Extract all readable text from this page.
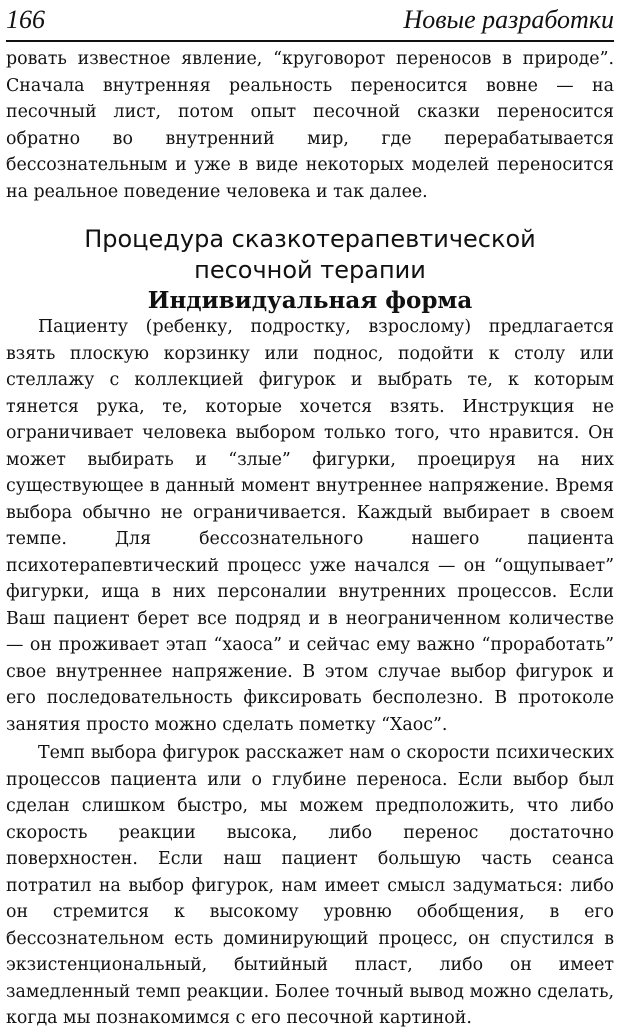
166	Новые разработки
ровать известное явление, “круговорот переносов в природе”. Сначала внутренняя реальность переносится вовне — на песочный лист, потом опыт песочной сказки переносится обратно во внутренний мир, где перерабатывается бессознательным и уже в виде некоторых моделей переносится на реальное поведение человека и так далее.
Процедура сказкотерапевтической
песочной терапии
Индивидуальная форма
Пациенту (ребенку, подростку, взрослому) предлагается взять плоскую корзинку или поднос, подойти к столу или стеллажу с коллекцией фигурок и выбрать те, к которым тянется рука, те, которые хочется взять. Инструкция не ограничивает человека выбором только того, что нравится. Он может выбирать и “злые” фигурки, проецируя на них существующее в данный момент внутреннее напряжение. Время выбора обычно не ограничивается. Каждый выбирает в своем темпе. Для бессознательного нашего пациента психотерапевтический процесс уже начался — он “ощупывает” фигурки, ища в них персоналии внутренних процессов. Если Ваш пациент берет все подряд и в неограниченном количестве — он проживает этап “хаоса” и сейчас ему важно “проработать” свое внутреннее напряжение. В этом случае выбор фигурок и его последовательность фиксировать бесполезно. В протоколе занятия просто можно сделать пометку “Хаос”.
Темп выбора фигурок расскажет нам о скорости психических процессов пациента или о глубине переноса. Если выбор был сделан слишком быстро, мы можем предположить, что либо скорость реакции высока, либо перенос достаточно поверхностен. Если наш пациент большую часть сеанса потратил на выбор фигурок, нам имеет смысл задуматься: либо он стремится к высокому уровню обобщения, в его бессознательном есть доминирующий процесс, он спустился в экзистенциональный, бытийный пласт, либо он имеет замедленный темп реакции. Более точный вывод можно сделать, когда мы познакомимся с его песочной картиной.
